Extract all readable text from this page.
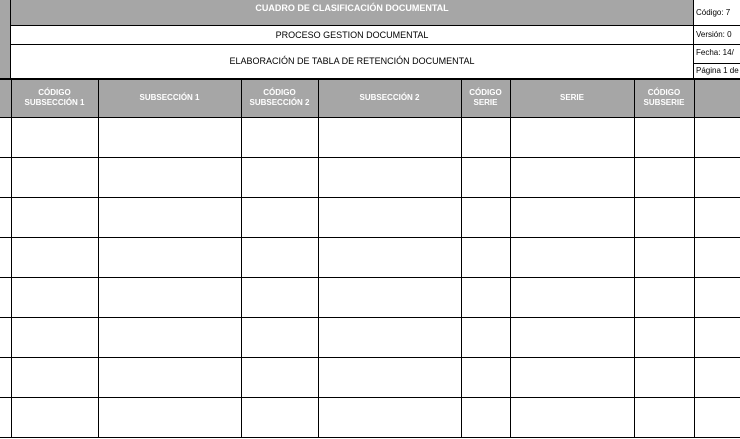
CUADRO DE CLASIFICACIÓN DOCUMENTAL
PROCESO GESTION DOCUMENTAL
ELABORACIÓN DE TABLA DE RETENCIÓN DOCUMENTAL
Código: 7
Versión: 0
Fecha: 14/
Página 1 de
	CÓDIGO SUBSECCIÓN 1	SUBSECCIÓN 1	CÓDIGO SUBSECCIÓN 2	SUBSECCIÓN 2	CÓDIGO SERIE	SERIE	CÓDIGO SUBSERIE	
